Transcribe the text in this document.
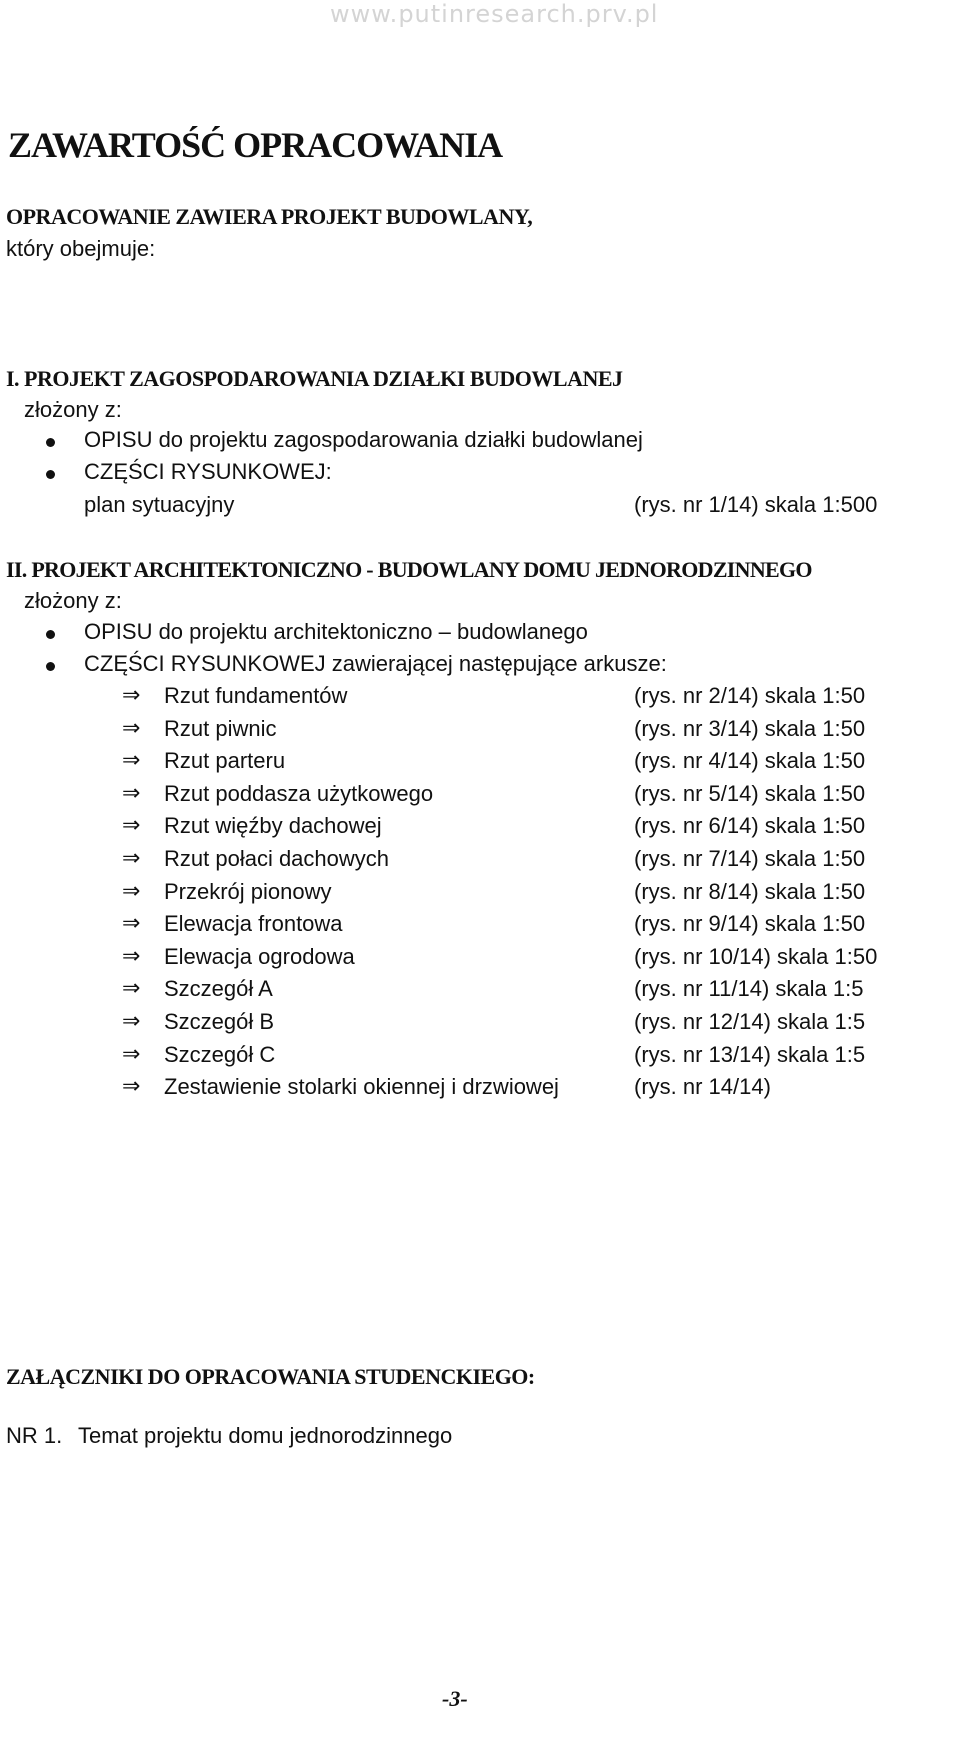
www.putinresearch.prv.pl
ZAWARTOŚĆ OPRACOWANIA
OPRACOWANIE ZAWIERA PROJEKT BUDOWLANY,
który obejmuje:
I. PROJEKT ZAGOSPODAROWANIA DZIAŁKI BUDOWLANEJ
złożony z:
OPISU do projektu zagospodarowania działki budowlanej
CZĘŚCI RYSUNKOWEJ:
plan sytuacyjny	(rys. nr 1/14) skala 1:500
II. PROJEKT ARCHITEKTONICZNO - BUDOWLANY DOMU JEDNORODZINNEGO
złożony z:
OPISU do projektu architektoniczno – budowlanego
CZĘŚCI RYSUNKOWEJ zawierającej następujące arkusze:
⇒ Rzut fundamentów	(rys. nr 2/14) skala 1:50
⇒ Rzut piwnic	(rys. nr 3/14) skala 1:50
⇒ Rzut parteru	(rys. nr 4/14) skala 1:50
⇒ Rzut poddasza użytkowego	(rys. nr 5/14) skala 1:50
⇒ Rzut więźby dachowej	(rys. nr 6/14) skala 1:50
⇒ Rzut połaci dachowych	(rys. nr 7/14) skala 1:50
⇒ Przekrój pionowy	(rys. nr 8/14) skala 1:50
⇒ Elewacja frontowa	(rys. nr 9/14) skala 1:50
⇒ Elewacja ogrodowa	(rys. nr 10/14) skala 1:50
⇒ Szczegół A	(rys. nr 11/14) skala 1:5
⇒ Szczegół B	(rys. nr 12/14) skala 1:5
⇒ Szczegół C	(rys. nr 13/14) skala 1:5
⇒ Zestawienie stolarki okiennej i drzwiowej	(rys. nr 14/14)
ZAŁĄCZNIKI DO OPRACOWANIA STUDENCKIEGO:
NR 1. Temat projektu domu jednorodzinnego
-3-
